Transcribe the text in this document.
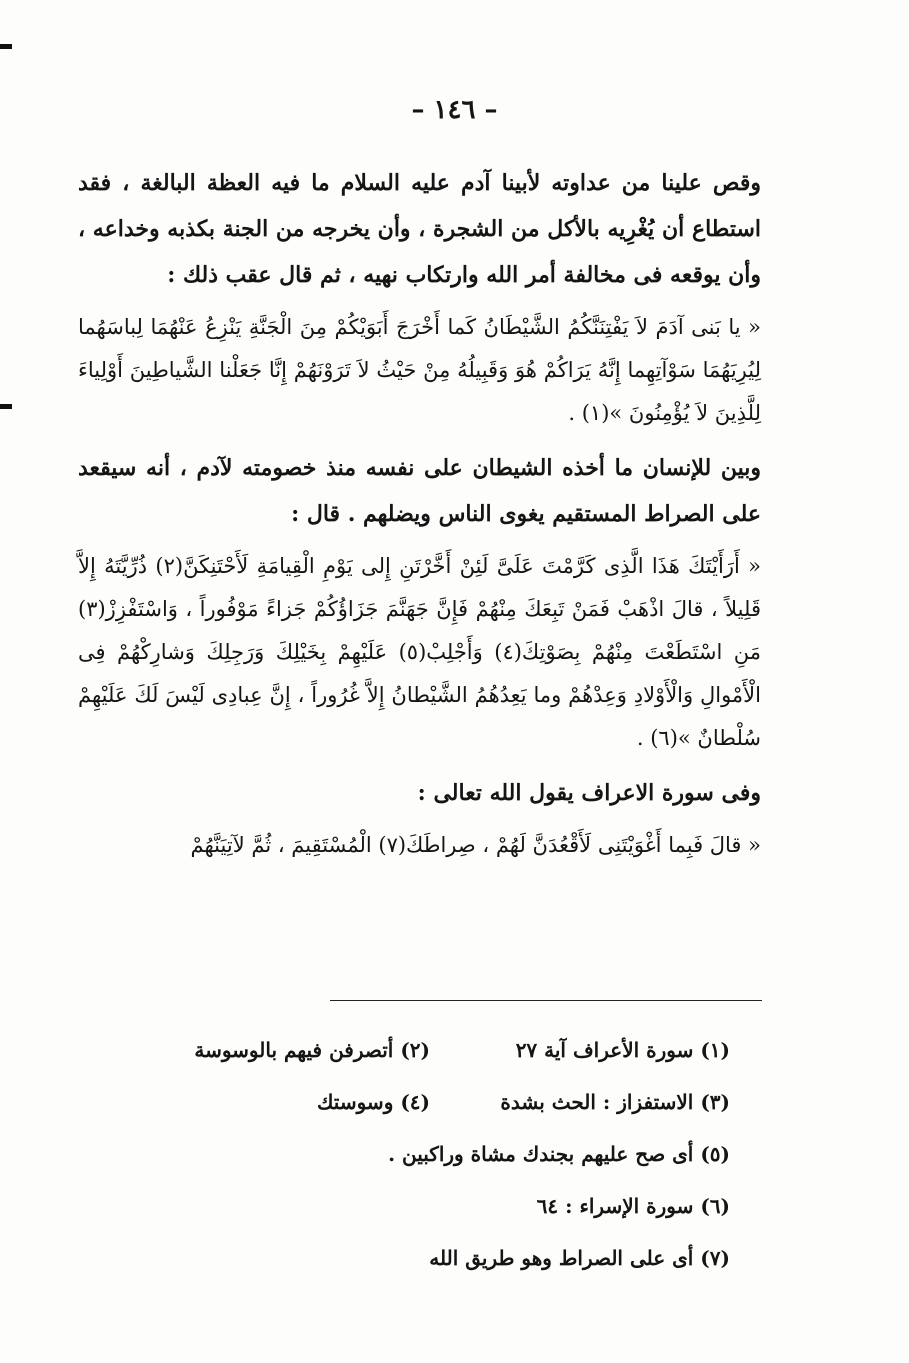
– ١٤٦ –

وقص علينا من عداوته لأبينا آدم عليه السلام ما فيه العظة البالغة ، فقد استطاع أن يُغْرِيه بالأكل من الشجرة ، وأن يخرجه من الجنة بكذبه وخداعه ، وأن يوقعه فى مخالفة أمر الله وارتكاب نهيه ، ثم قال عقب ذلك :

« يا بَنى آدَمَ لاَ يَفْتِنَنَّكُمُ الشَّيْطَانُ كَما أَخْرَجَ أَبَوَيْكُمْ مِنَ الْجَنَّةِ يَنْزِعُ عَنْهُمَا لِباسَهُما لِيُرِيَهُمَا سَوْآتِهِما إِنَّهُ يَرَاكُمْ هُوَ وَقَبِيلُهُ مِنْ حَيْثُ لاَ تَرَوْنَهُمْ إِنَّا جَعَلْنا الشَّياطِينَ أَوْلِياءَ لِلَّذِينَ لاَ يُؤْمِنُونَ »(١) .

وبين للإنسان ما أخذه الشيطان على نفسه منذ خصومته لآدم ، أنه سيقعد على الصراط المستقيم يغوى الناس ويضلهم . قال :

« أَرَأَيْتَكَ هَذَا الَّذِى كَرَّمْتَ عَلَىَّ لَئِنْ أَخَّرْتَنِ إِلى يَوْمِ الْقِيامَةِ لَأَحْتَنِكَنَّ(٢) ذُرِّيَّتَهُ إِلاَّ قَلِيلاً ، قالَ اذْهَبْ فَمَنْ تَبِعَكَ مِنْهُمْ فَإِنَّ جَهَنَّمَ جَزَاؤُكُمْ جَزاءً مَوْفُوراً ، وَاسْتَفْزِزْ(٣) مَنِ اسْتَطَعْتَ مِنْهُمْ بِصَوْتِكَ(٤) وَأَجْلِبْ(٥) عَلَيْهِمْ بِخَيْلِكَ وَرَجِلِكَ وَشارِكْهُمْ فِى الْأَمْوالِ وَالْأَوْلادِ وَعِدْهُمْ وما يَعِدُهُمُ الشَّيْطانُ إِلاَّ غُرُوراً ، إِنَّ عِبادِى لَيْسَ لَكَ عَلَيْهِمْ سُلْطانٌ »(٦) .

وفى سورة الاعراف يقول الله تعالى :

« قالَ فَبِما أَغْوَيْتَنِى لَأَقْعُدَنَّ لَهُمْ ، صِراطَكَ(٧) الْمُسْتَقِيمَ ، ثُمَّ لآتِيَنَّهُمْ

(١) سورة الأعراف آية ٢٧
(٢) أتصرفن فيهم بالوسوسة
(٣) الاستفزاز : الحث بشدة
(٤) وسوستك
(٥) أى صح عليهم بجندك مشاة وراكبين .
(٦) سورة الإسراء : ٦٤
(٧) أى على الصراط وهو طريق الله
